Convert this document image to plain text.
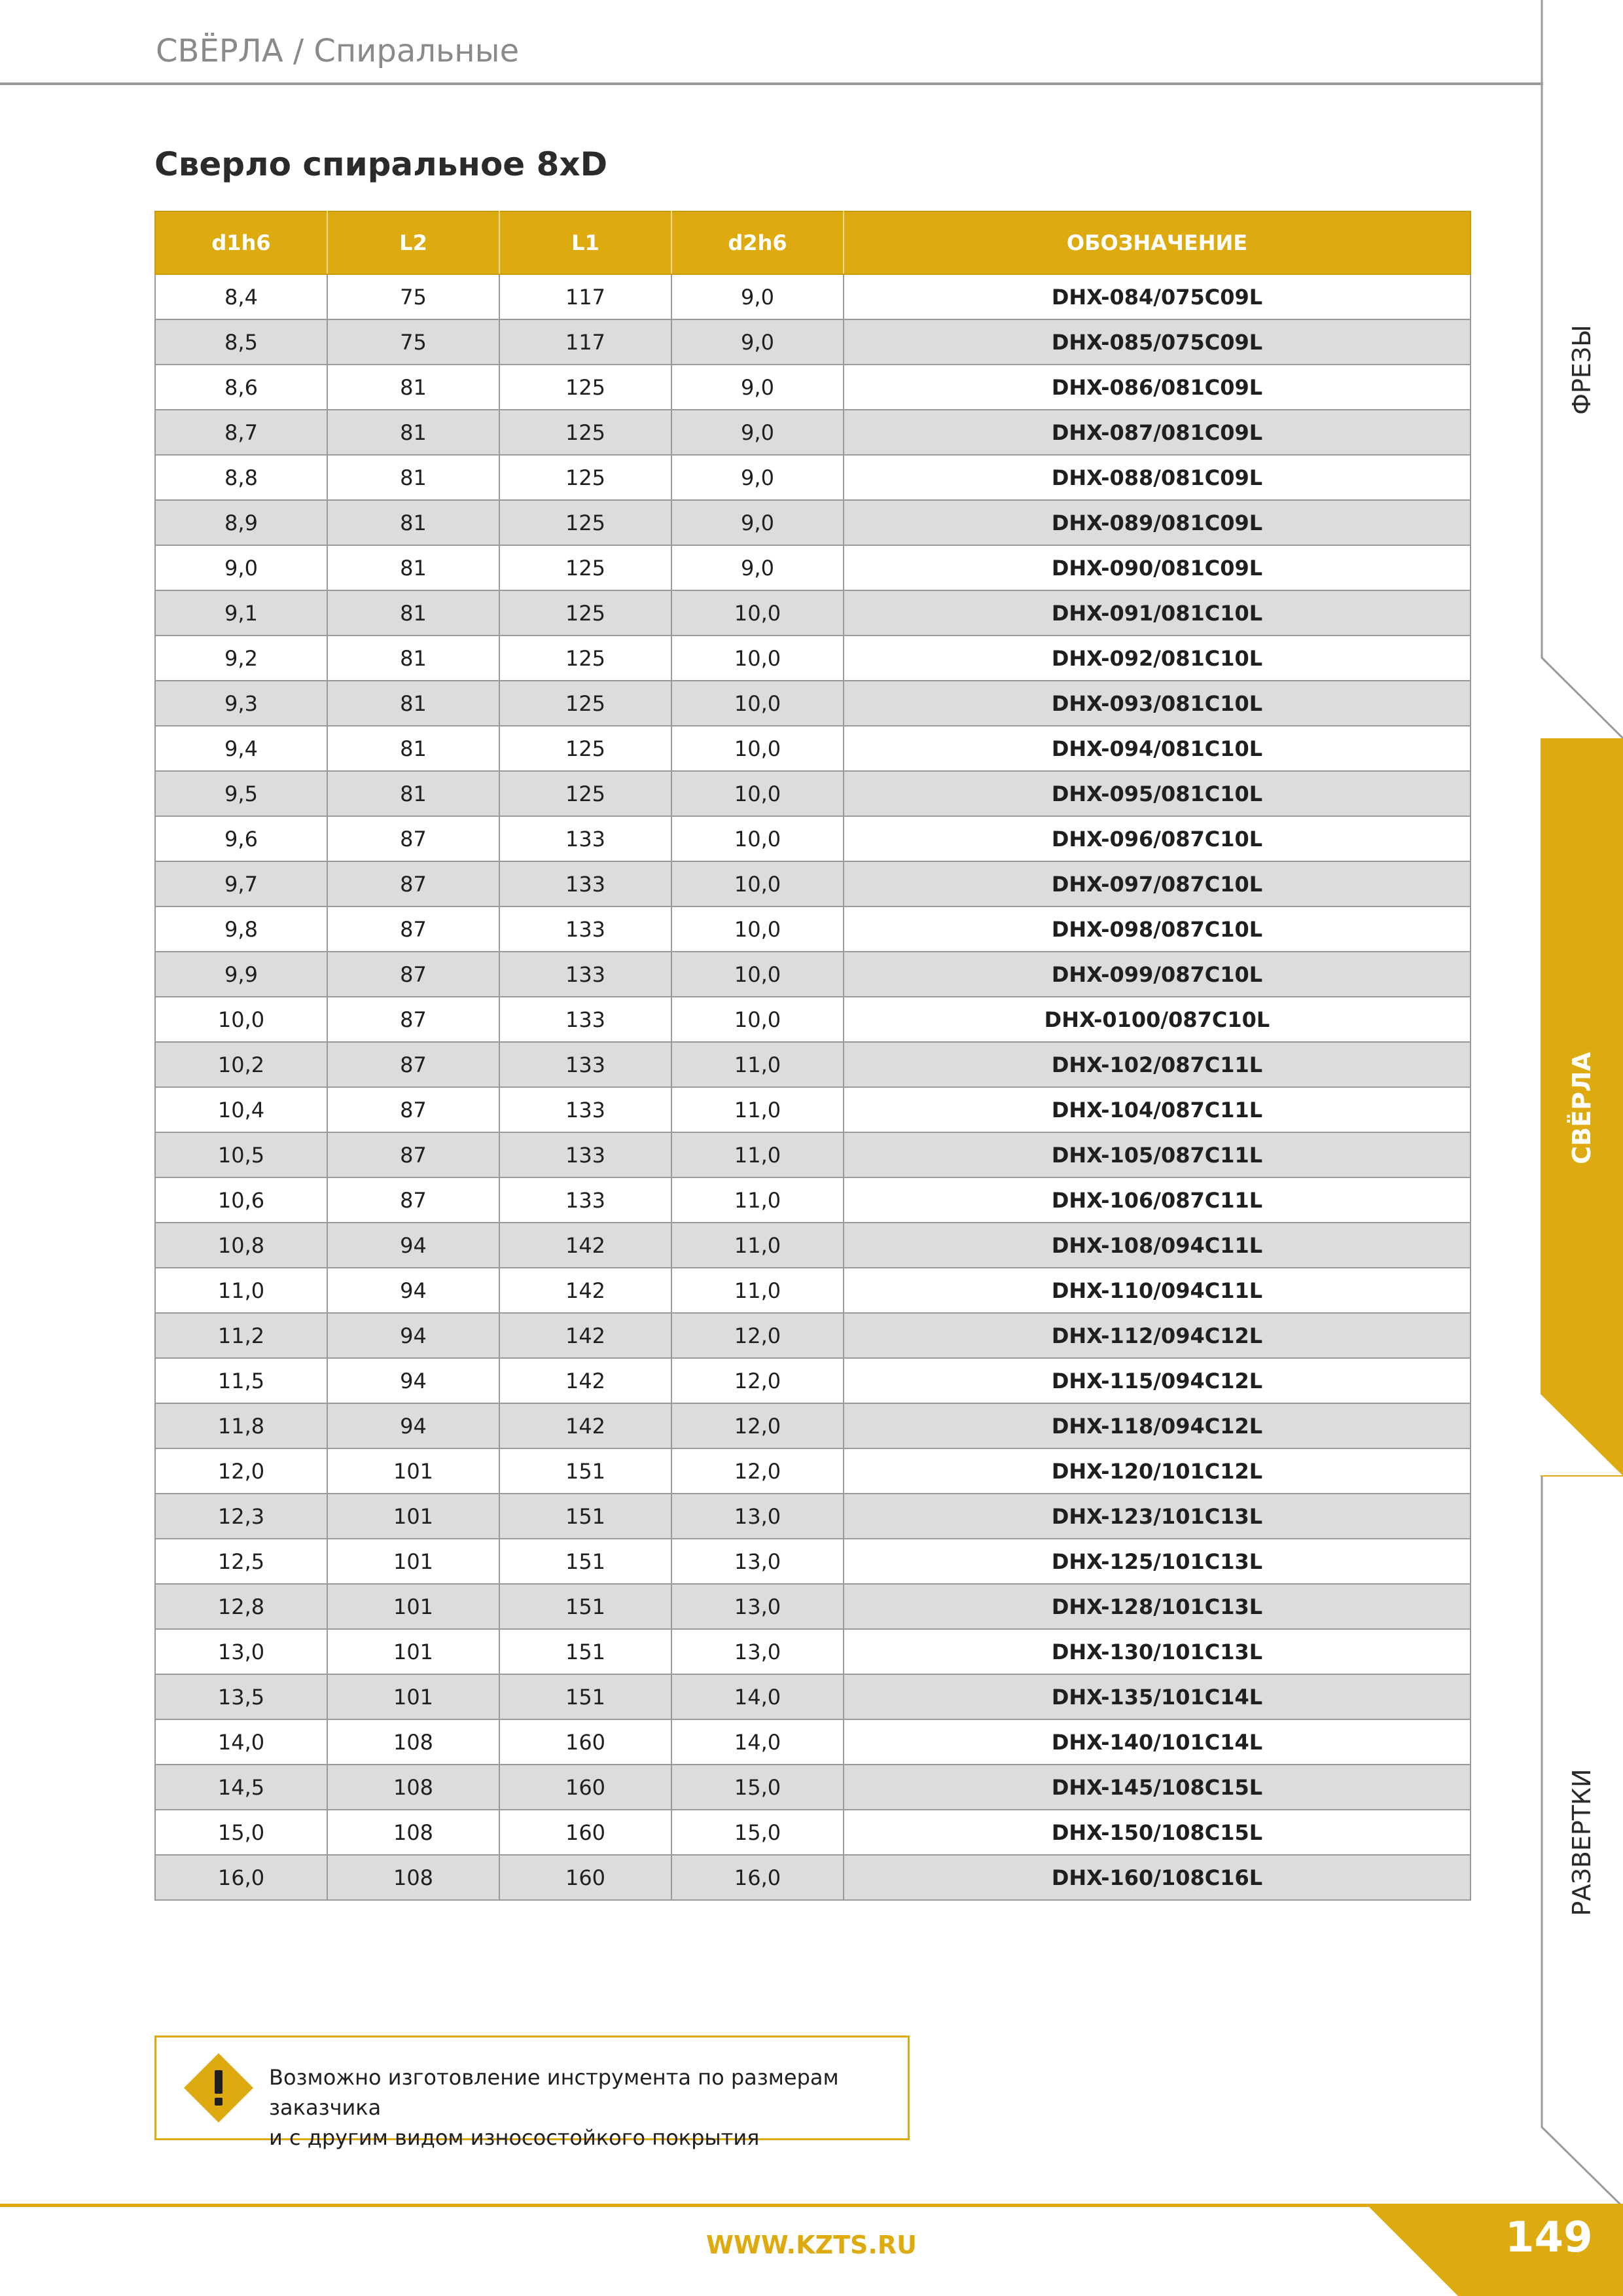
СВЁРЛА / Спиральные
ФРЕЗЫ
СВЁРЛА
РАЗВЕРТКИ
Сверло спиральное 8xD
d1h6	L2	L1	d2h6	ОБОЗНАЧЕНИЕ
8,4	75	117	9,0	DHX-084/075C09L
8,5	75	117	9,0	DHX-085/075C09L
8,6	81	125	9,0	DHX-086/081C09L
8,7	81	125	9,0	DHX-087/081C09L
8,8	81	125	9,0	DHX-088/081C09L
8,9	81	125	9,0	DHX-089/081C09L
9,0	81	125	9,0	DHX-090/081C09L
9,1	81	125	10,0	DHX-091/081C10L
9,2	81	125	10,0	DHX-092/081C10L
9,3	81	125	10,0	DHX-093/081C10L
9,4	81	125	10,0	DHX-094/081C10L
9,5	81	125	10,0	DHX-095/081C10L
9,6	87	133	10,0	DHX-096/087C10L
9,7	87	133	10,0	DHX-097/087C10L
9,8	87	133	10,0	DHX-098/087C10L
9,9	87	133	10,0	DHX-099/087C10L
10,0	87	133	10,0	DHX-0100/087C10L
10,2	87	133	11,0	DHX-102/087C11L
10,4	87	133	11,0	DHX-104/087C11L
10,5	87	133	11,0	DHX-105/087C11L
10,6	87	133	11,0	DHX-106/087C11L
10,8	94	142	11,0	DHX-108/094C11L
11,0	94	142	11,0	DHX-110/094C11L
11,2	94	142	12,0	DHX-112/094C12L
11,5	94	142	12,0	DHX-115/094C12L
11,8	94	142	12,0	DHX-118/094C12L
12,0	101	151	12,0	DHX-120/101C12L
12,3	101	151	13,0	DHX-123/101C13L
12,5	101	151	13,0	DHX-125/101C13L
12,8	101	151	13,0	DHX-128/101C13L
13,0	101	151	13,0	DHX-130/101C13L
13,5	101	151	14,0	DHX-135/101C14L
14,0	108	160	14,0	DHX-140/101C14L
14,5	108	160	15,0	DHX-145/108C15L
15,0	108	160	15,0	DHX-150/108C15L
16,0	108	160	16,0	DHX-160/108C16L
Возможно изготовление инструмента по размерам заказчика
и с другим видом износостойкого покрытия
WWW.KZTS.RU	149
